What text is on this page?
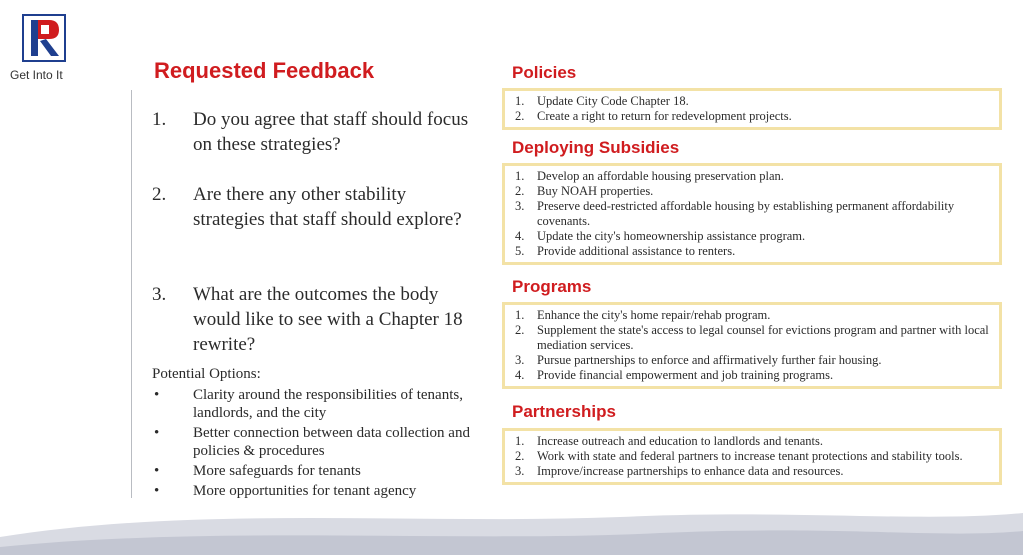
Get Into It	Requested Feedback
1. Do you agree that staff should focus on these strategies?
2. Are there any other stability strategies that staff should explore?
3. What are the outcomes the body would like to see with a Chapter 18 rewrite?
Potential Options:
• Clarity around the responsibilities of tenants, landlords, and the city
• Better connection between data collection and policies & procedures
• More safeguards for tenants
• More opportunities for tenant agency
Policies
1. Update City Code Chapter 18.
2. Create a right to return for redevelopment projects.
Deploying Subsidies
1. Develop an affordable housing preservation plan.
2. Buy NOAH properties.
3. Preserve deed-restricted affordable housing by establishing permanent affordability covenants.
4. Update the city's homeownership assistance program.
5. Provide additional assistance to renters.
Programs
1. Enhance the city's home repair/rehab program.
2. Supplement the state's access to legal counsel for evictions program and partner with local mediation services.
3. Pursue partnerships to enforce and affirmatively further fair housing.
4. Provide financial empowerment and job training programs.
Partnerships
1. Increase outreach and education to landlords and tenants.
2. Work with state and federal partners to increase tenant protections and stability tools.
3. Improve/increase partnerships to enhance data and resources.
